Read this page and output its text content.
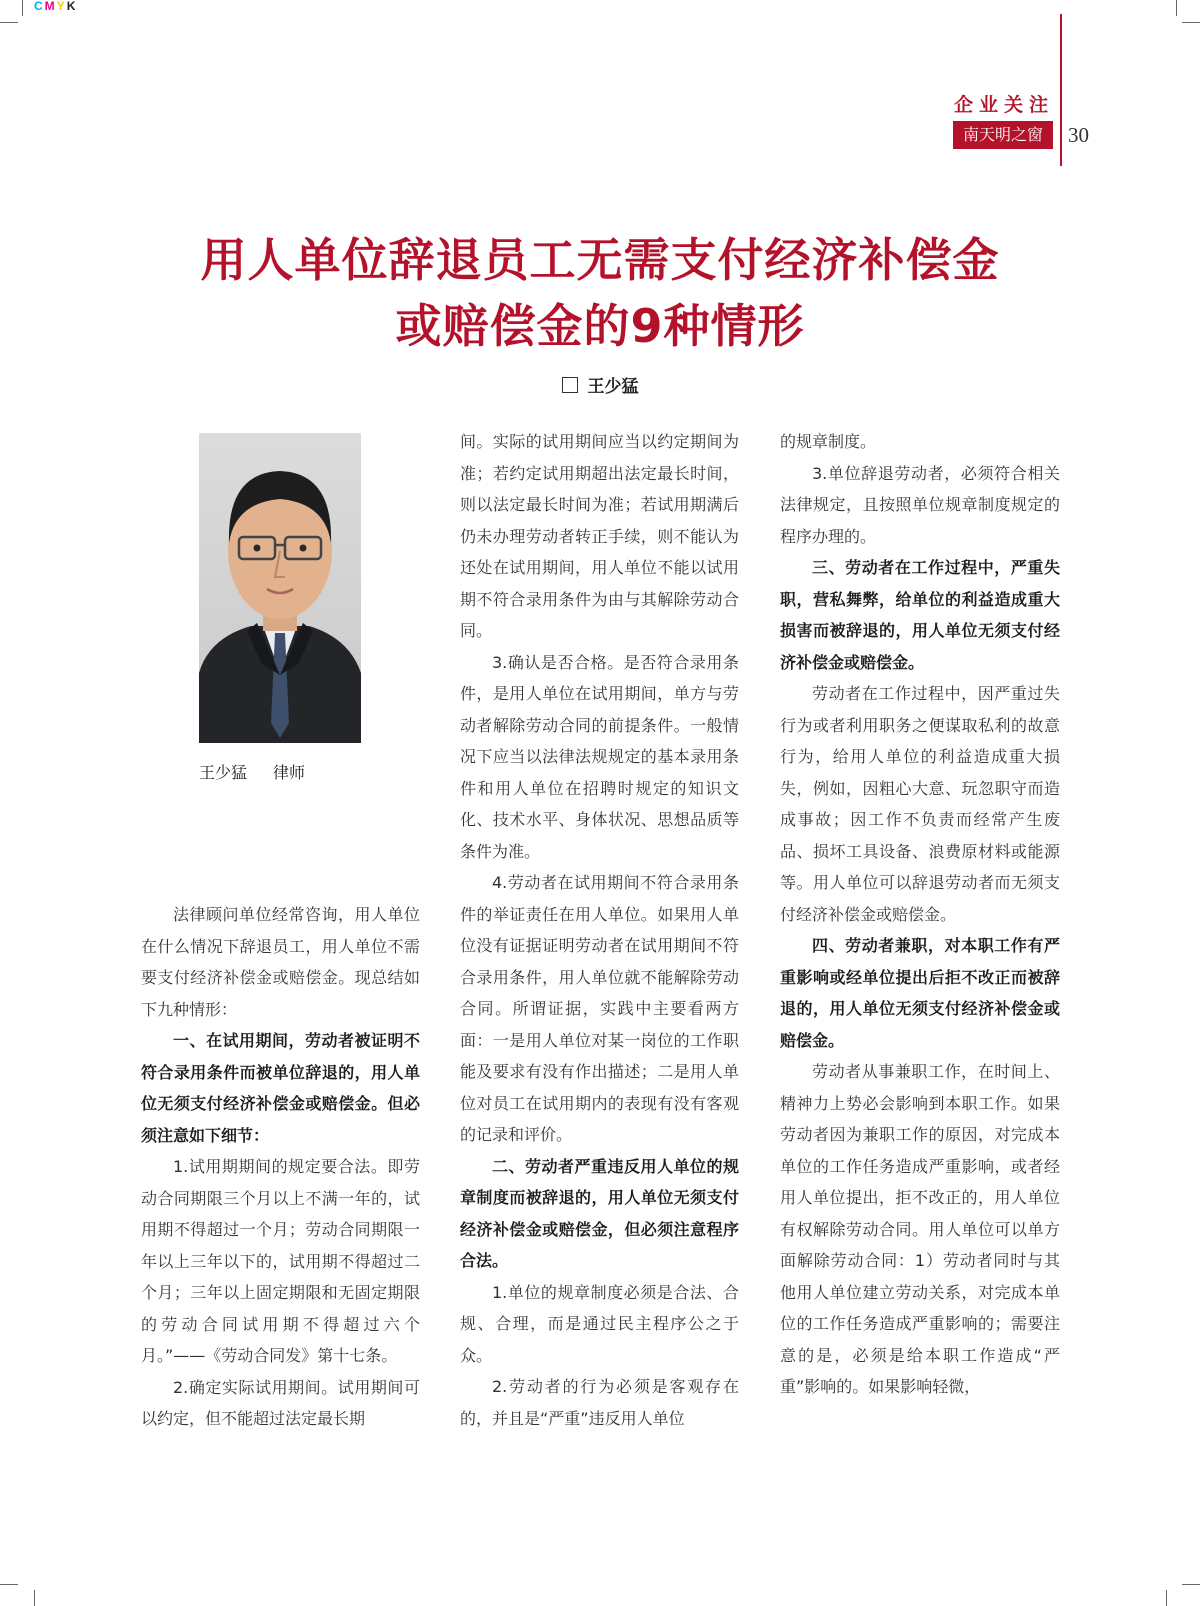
CMYK
企业关注
南天明之窗	30
用人单位辞退员工无需支付经济补偿金
或赔偿金的9种情形
王少猛
王少猛 律师

法律顾问单位经常咨询，用人单位在什么情况下辞退员工，用人单位不需要支付经济补偿金或赔偿金。现总结如下九种情形：

一、在试用期间，劳动者被证明不符合录用条件而被单位辞退的，用人单位无须支付经济补偿金或赔偿金。但必须注意如下细节：

1.试用期期间的规定要合法。即劳动合同期限三个月以上不满一年的，试用期不得超过一个月；劳动合同期限一年以上三年以下的，试用期不得超过二个月；三年以上固定期限和无固定期限的劳动合同试用期不得超过六个月。”——《劳动合同发》第十七条。

2.确定实际试用期间。试用期间可以约定，但不能超过法定最长期

间。实际的试用期间应当以约定期间为准；若约定试用期超出法定最长时间，则以法定最长时间为准；若试用期满后仍未办理劳动者转正手续，则不能认为还处在试用期间，用人单位不能以试用期不符合录用条件为由与其解除劳动合同。

3.确认是否合格。是否符合录用条件，是用人单位在试用期间，单方与劳动者解除劳动合同的前提条件。一般情况下应当以法律法规规定的基本录用条件和用人单位在招聘时规定的知识文化、技术水平、身体状况、思想品质等条件为准。

4.劳动者在试用期间不符合录用条件的举证责任在用人单位。如果用人单位没有证据证明劳动者在试用期间不符合录用条件，用人单位就不能解除劳动合同。所谓证据，实践中主要看两方面：一是用人单位对某一岗位的工作职能及要求有没有作出描述；二是用人单位对员工在试用期内的表现有没有客观的记录和评价。

二、劳动者严重违反用人单位的规章制度而被辞退的，用人单位无须支付经济补偿金或赔偿金，但必须注意程序合法。

1.单位的规章制度必须是合法、合规、合理，而是通过民主程序公之于众。

2.劳动者的行为必须是客观存在的，并且是“严重”违反用人单位

的规章制度。

3.单位辞退劳动者，必须符合相关法律规定，且按照单位规章制度规定的程序办理的。

三、劳动者在工作过程中，严重失职，营私舞弊，给单位的利益造成重大损害而被辞退的，用人单位无须支付经济补偿金或赔偿金。

劳动者在工作过程中，因严重过失行为或者利用职务之便谋取私利的故意行为，给用人单位的利益造成重大损失，例如，因粗心大意、玩忽职守而造成事故；因工作不负责而经常产生废品、损坏工具设备、浪费原材料或能源等。用人单位可以辞退劳动者而无须支付经济补偿金或赔偿金。

四、劳动者兼职，对本职工作有严重影响或经单位提出后拒不改正而被辞退的，用人单位无须支付经济补偿金或赔偿金。

劳动者从事兼职工作，在时间上、精神力上势必会影响到本职工作。如果劳动者因为兼职工作的原因，对完成本单位的工作任务造成严重影响，或者经用人单位提出，拒不改正的，用人单位有权解除劳动合同。用人单位可以单方面解除劳动合同：1）劳动者同时与其他用人单位建立劳动关系，对完成本单位的工作任务造成严重影响的；需要注意的是，必须是给本职工作造成“严重”影响的。如果影响轻微，
